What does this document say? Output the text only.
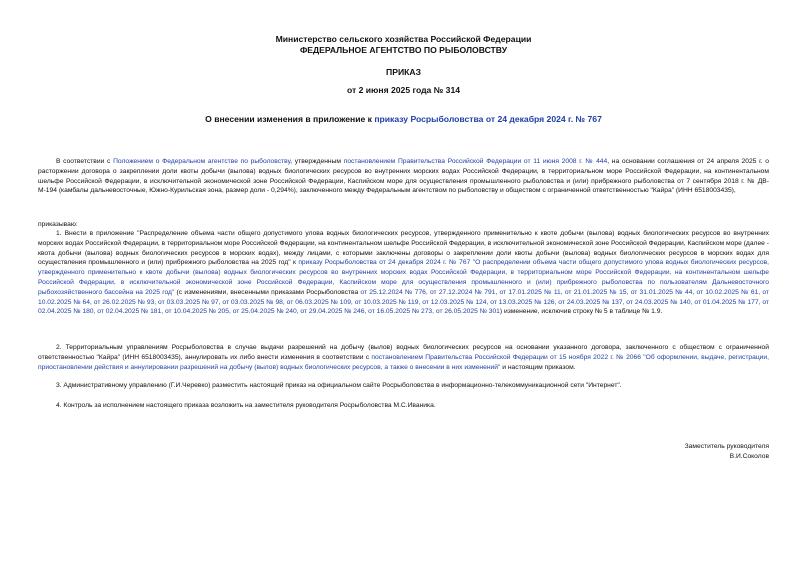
Министерство сельского хозяйства Российской Федерации
ФЕДЕРАЛЬНОЕ АГЕНТСТВО ПО РЫБОЛОВСТВУ
ПРИКАЗ
от 2 июня 2025 года № 314
О внесении изменения в приложение к приказу Росрыболовства от 24 декабря 2024 г. № 767
В соответствии с Положением о Федеральном агентстве по рыболовству, утвержденным постановлением Правительства Российской Федерации от 11 июня 2008 г. № 444, на основании соглашения от 24 апреля 2025 г. о расторжении договора о закреплении доли квоты добычи (вылова) водных биологических ресурсов во внутренних морских водах Российской Федерации, в территориальном море Российской Федерации, на континентальном шельфе Российской Федерации, в исключительной экономической зоне Российской Федерации, Каспийском море для осуществления промышленного рыболовства и (или) прибрежного рыболовства от 7 сентября 2018 г. № ДВ-М-194 (камбалы дальневосточные, Южно-Курильская зона, размер доли - 0,294%), заключенного между Федеральным агентством по рыболовству и обществом с ограниченной ответственностью "Кайра" (ИНН 6518003435),
приказываю:
1. Внести в приложение "Распределение объема части общего допустимого улова водных биологических ресурсов, утвержденного применительно к квоте добычи (вылова) водных биологических ресурсов во внутренних морских водах Российской Федерации, в территориальном море Российской Федерации, на континентальном шельфе Российской Федерации, в исключительной экономической зоне Российской Федерации, Каспийском море (далее - квота добычи (вылова) водных биологических ресурсов в морских водах), между лицами, с которыми заключены договоры о закреплении доли квоты добычи (вылова) водных биологических ресурсов в морских водах для осуществления промышленного и (или) прибрежного рыболовства на 2025 год" к приказу Росрыболовства от 24 декабря 2024 г. № 767 "О распределении объема части общего допустимого улова водных биологических ресурсов, утвержденного применительно к квоте добычи (вылова) водных биологических ресурсов во внутренних морских водах Российской Федерации, в территориальном море Российской Федерации, на континентальном шельфе Российской Федерации, в исключительной экономической зоне Российской Федерации, Каспийском море для осуществления промышленного и (или) прибрежного рыболовства по пользователям Дальневосточного рыбохозяйственного бассейна на 2025 год" (с изменениями, внесенными приказами Росрыболовства от 25.12.2024 № 776, от 27.12.2024 № 791, от 17.01.2025 № 11, от 21.01.2025 № 15, от 31.01.2025 № 44, от 10.02.2025 № 61, от 10.02.2025 № 64, от 26.02.2025 № 93, от 03.03.2025 № 97, от 03.03.2025 № 98, от 06.03.2025 № 109, от 10.03.2025 № 119, от 12.03.2025 № 124, от 13.03.2025 № 126, от 24.03.2025 № 137, от 24.03.2025 № 140, от 01.04.2025 № 177, от 02.04.2025 № 180, от 02.04.2025 № 181, от 10.04.2025 № 205, от 25.04.2025 № 240, от 29.04.2025 № 246, от 16.05.2025 № 273, от 26.05.2025 № 301) изменение, исключив строку № 5 в таблице № 1.9.
2. Территориальным управлениям Росрыболовства в случае выдачи разрешений на добычу (вылов) водных биологических ресурсов на основании указанного договора, заключенного с обществом с ограниченной ответственностью "Кайра" (ИНН 6518003435), аннулировать их либо внести изменения в соответствии с постановлением Правительства Российской Федерации от 15 ноября 2022 г. № 2066 "Об оформлении, выдаче, регистрации, приостановлении действия и аннулировании разрешений на добычу (вылов) водных биологических ресурсов, а также о внесении в них изменений" и настоящим приказом.
3. Административному управлению (Г.И.Черевко) разместить настоящий приказ на официальном сайте Росрыболовства в информационно-телекоммуникационной сети "Интернет".
4. Контроль за исполнением настоящего приказа возложить на заместителя руководителя Росрыболовства М.С.Иваника.
Заместитель руководителя
В.И.Соколов
